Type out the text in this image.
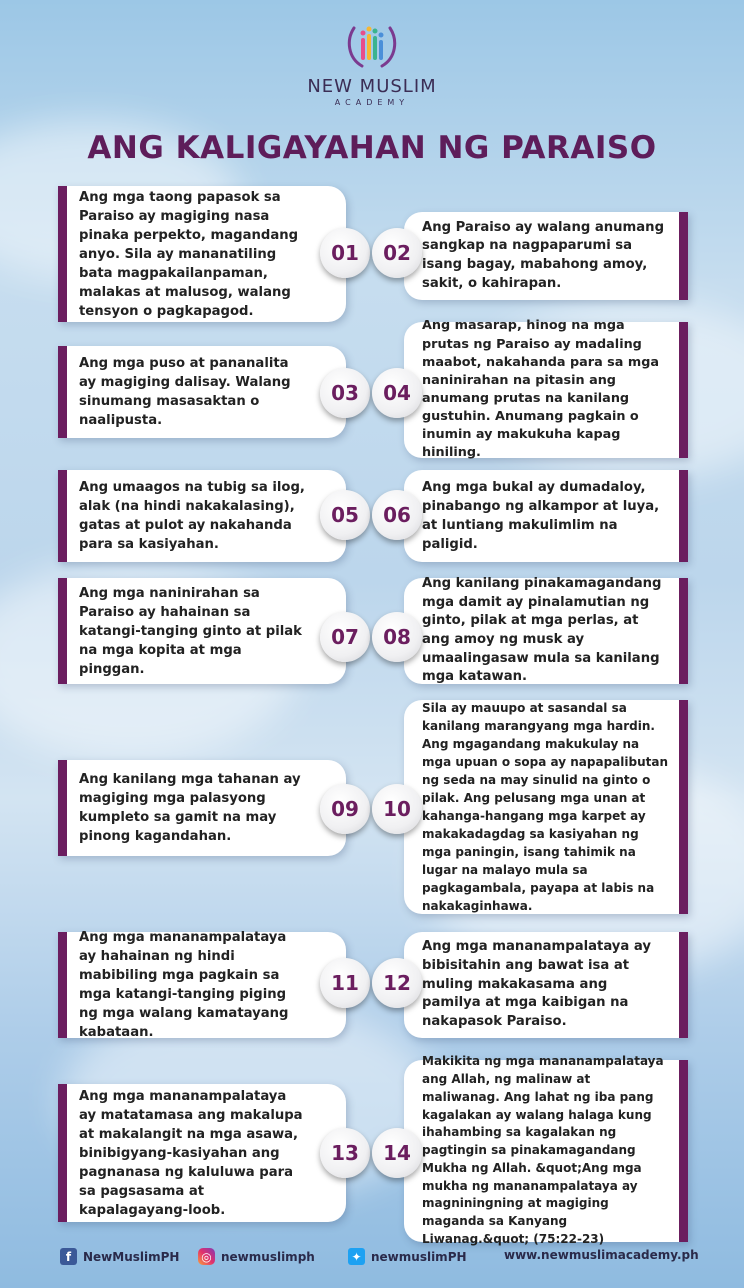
NEW MUSLIM
ACADEMY
ANG KALIGAYAHAN NG PARAISO

Ang mga taong papasok sa Paraiso ay magiging nasa pinaka perpekto, magandang anyo. Sila ay mananatiling bata magpakailanpaman, malakas at malusog, walang tensyon o pagkapagod.

Ang Paraiso ay walang anumang sangkap na nagpaparumi sa isang bagay, mabahong amoy, sakit, o kahirapan.

01	02

Ang mga puso at pananalita ay magiging dalisay. Walang sinumang masasaktan o naalipusta.

Ang masarap, hinog na mga prutas ng Paraiso ay madaling maabot, nakahanda para sa mga naninirahan na pitasin ang anumang prutas na kanilang gustuhin. Anumang pagkain o inumin ay makukuha kapag hiniling.

03	04

Ang umaagos na tubig sa ilog, alak (na hindi nakakalasing), gatas at pulot ay nakahanda para sa kasiyahan.

Ang mga bukal ay dumadaloy, pinabango ng alkampor at luya, at luntiang makulimlim na paligid.

05	06

Ang mga naninirahan sa Paraiso ay hahainan sa katangi-tanging ginto at pilak na mga kopita at mga pinggan.

Ang kanilang pinakamagandang mga damit ay pinalamutian ng ginto, pilak at mga perlas, at ang amoy ng musk ay umaalingasaw mula sa kanilang mga katawan.

07	08

Ang kanilang mga tahanan ay magiging mga palasyong kumpleto sa gamit na may pinong kagandahan.

Sila ay mauupo at sasandal sa kanilang marangyang mga hardin. Ang mgagandang makukulay na mga upuan o sopa ay napapalibutan ng seda na may sinulid na ginto o pilak. Ang pelusang mga unan at kahanga-hangang mga karpet ay makakadagdag sa kasiyahan ng mga paningin, isang tahimik na lugar na malayo mula sa pagkagambala, payapa at labis na nakakaginhawa.

09	10

Ang mga mananampalataya ay hahainan ng hindi mabibiling mga pagkain sa mga katangi-tanging piging ng mga walang kamatayang kabataan.

Ang mga mananampalataya ay bibisitahin ang bawat isa at muling makakasama ang pamilya at mga kaibigan na nakapasok Paraiso.

11	12

Ang mga mananampalataya ay matatamasa ang makalupa at makalangit na mga asawa, binibigyang-kasiyahan ang pagnanasa ng kaluluwa para sa pagsasama at kapalagayang-loob.

Makikita ng mga mananampalataya ang Allah, ng malinaw at maliwanag. Ang lahat ng iba pang kagalakan ay walang halaga kung ihahambing sa kagalakan ng pagtingin sa pinakamagandang Mukha ng Allah. &quot;Ang mga mukha ng mananampalataya ay magniningning at magiging maganda sa Kanyang Liwanag.&quot; (75:22-23)

13	14
f NewMuslimPH ◎ newmuslimph	✦ newmuslimPH	www.newmuslimacademy.ph
